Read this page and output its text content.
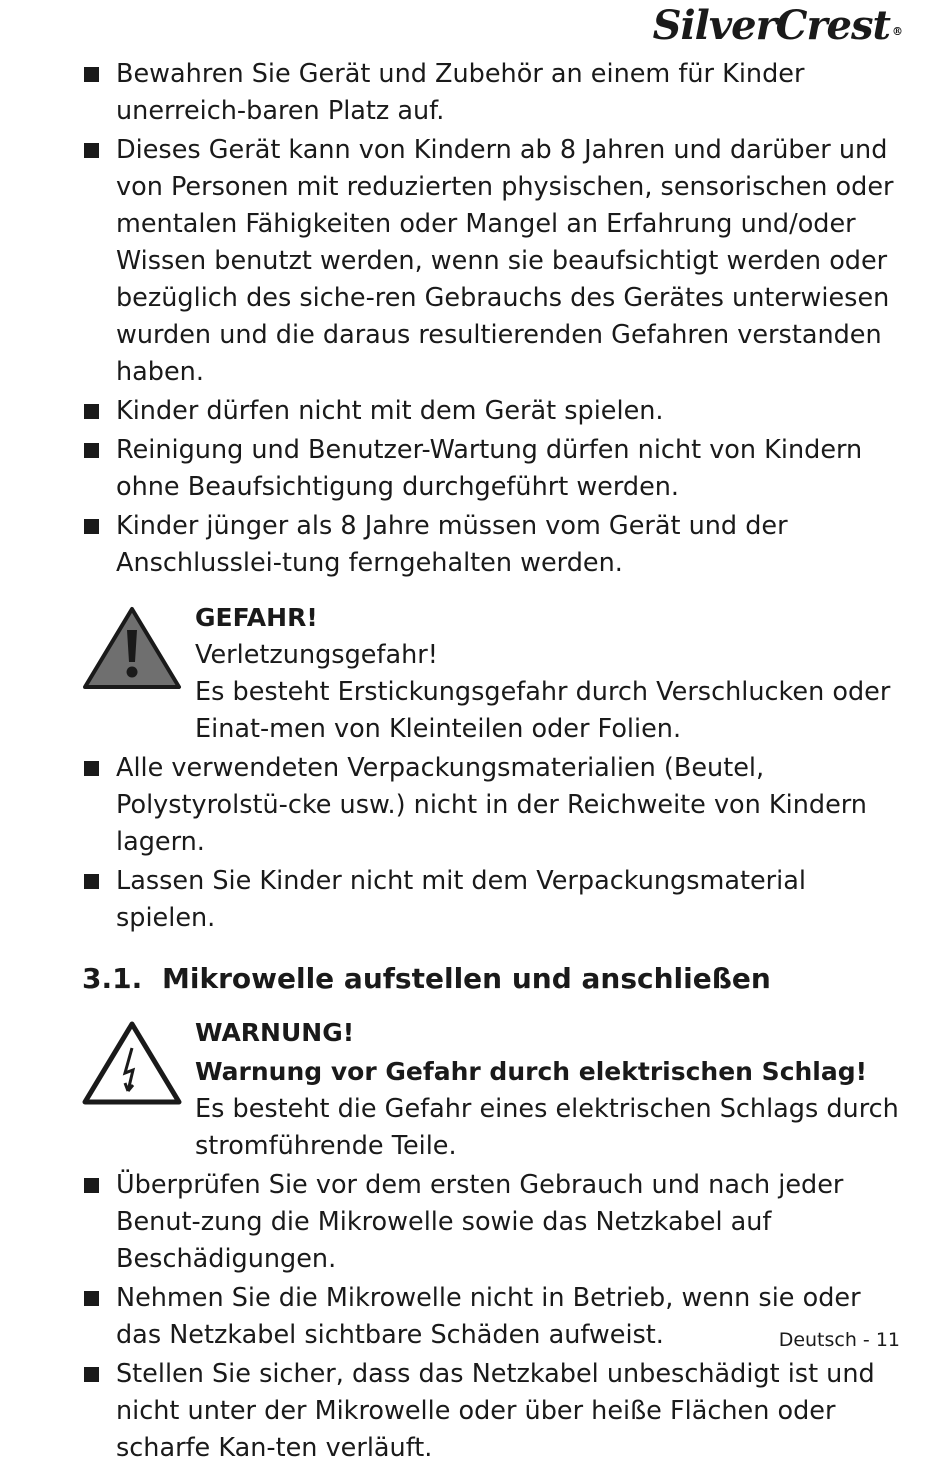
SilverCrest ®
Bewahren Sie Gerät und Zubehör an einem für Kinder unerreich-baren Platz auf.
Dieses Gerät kann von Kindern ab 8 Jahren und darüber und von Personen mit reduzierten physischen, sensorischen oder mentalen Fähigkeiten oder Mangel an Erfahrung und/oder Wissen benutzt werden, wenn sie beaufsichtigt werden oder bezüglich des siche-ren Gebrauchs des Gerätes unterwiesen wurden und die daraus resultierenden Gefahren verstanden haben.
Kinder dürfen nicht mit dem Gerät spielen.
Reinigung und Benutzer-Wartung dürfen nicht von Kindern ohne Beaufsichtigung durchgeführt werden.
Kinder jünger als 8 Jahre müssen vom Gerät und der Anschlusslei-tung ferngehalten werden.
GEFAHR!
Verletzungsgefahr!
Es besteht Erstickungsgefahr durch Verschlucken oder Einat-men von Kleinteilen oder Folien.
Alle verwendeten Verpackungsmaterialien (Beutel, Polystyrolstü-cke usw.) nicht in der Reichweite von Kindern lagern.
Lassen Sie Kinder nicht mit dem Verpackungsmaterial spielen.
3.1. Mikrowelle aufstellen und anschließen
WARNUNG!
Warnung vor Gefahr durch elektrischen Schlag!
Es besteht die Gefahr eines elektrischen Schlags durch stromführende Teile.
Überprüfen Sie vor dem ersten Gebrauch und nach jeder Benut-zung die Mikrowelle sowie das Netzkabel auf Beschädigungen.
Nehmen Sie die Mikrowelle nicht in Betrieb, wenn sie oder das Netzkabel sichtbare Schäden aufweist.
Stellen Sie sicher, dass das Netzkabel unbeschädigt ist und nicht unter der Mikrowelle oder über heiße Flächen oder scharfe Kan-ten verläuft.
Deutsch - 11
